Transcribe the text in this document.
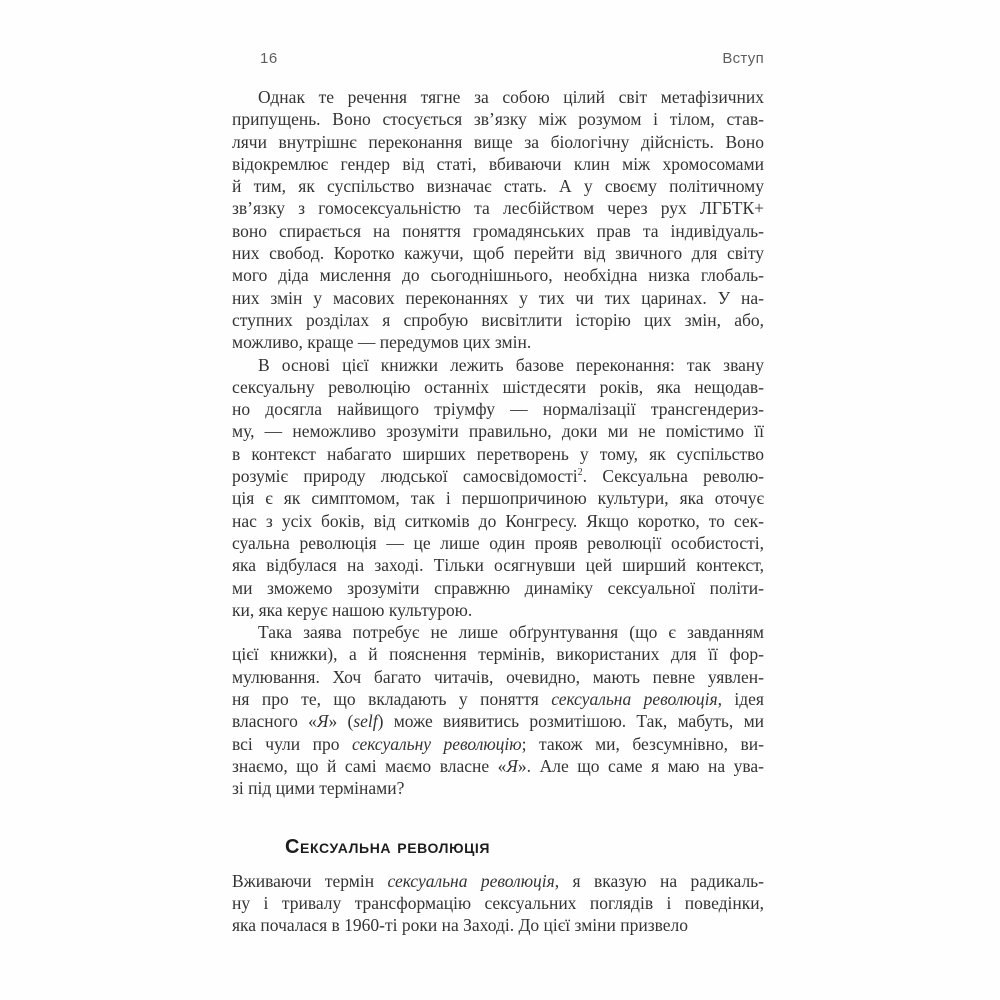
16	Вступ
Однак те речення тягне за собою цілий світ метафізичних
припущень. Воно стосується зв’язку між розумом і тілом, став-
лячи внутрішнє переконання вище за біологічну дійсність. Воно
відокремлює гендер від статі, вбиваючи клин між хромосомами
й тим, як суспільство визначає стать. А у своєму політичному
зв’язку з гомосексуальністю та лесбійством через рух ЛГБТК+
воно спирається на поняття громадянських прав та індивідуаль-
них свобод. Коротко кажучи, щоб перейти від звичного для світу
мого діда мислення до сьогоднішнього, необхідна низка глобаль-
них змін у масових переконаннях у тих чи тих царинах. У на-
ступних розділах я спробую висвітлити історію цих змін, або,
можливо, краще — передумов цих змін.
В основі цієї книжки лежить базове переконання: так звану
сексуальну революцію останніх шістдесяти років, яка нещодав-
но досягла найвищого тріумфу — нормалізації трансгендериз-
му, — неможливо зрозуміти правильно, доки ми не помістимо її
в контекст набагато ширших перетворень у тому, як суспільство
розуміє природу людської самосвідомості$^2$. Сексуальна револю-
ція є як симптомом, так і першопричиною культури, яка оточує
нас з усіх боків, від ситкомів до Конгресу. Якщо коротко, то сек-
суальна революція — це лише один прояв революції особистості,
яка відбулася на заході. Тільки осягнувши цей ширший контекст,
ми зможемо зрозуміти справжню динаміку сексуальної політи-
ки, яка керує нашою культурою.
Така заява потребує не лише обґрунтування (що є завданням
цієї книжки), а й пояснення термінів, використаних для її фор-
мулювання. Хоч багато читачів, очевидно, мають певне уявлен-
ня про те, що вкладають у поняття сексуальна революція, ідея
власного «Я» (self) може виявитись розмитішою. Так, мабуть, ми
всі чули про сексуальну революцію; також ми, безсумнівно, ви-
знаємо, що й самі маємо власне «Я». Але що саме я маю на ува-
зі під цими термінами?
Сексуальна революція
Вживаючи термін сексуальна революція, я вказую на радикаль-
ну і тривалу трансформацію сексуальних поглядів і поведінки,
яка почалася в 1960-ті роки на Заході. До цієї зміни призвело
